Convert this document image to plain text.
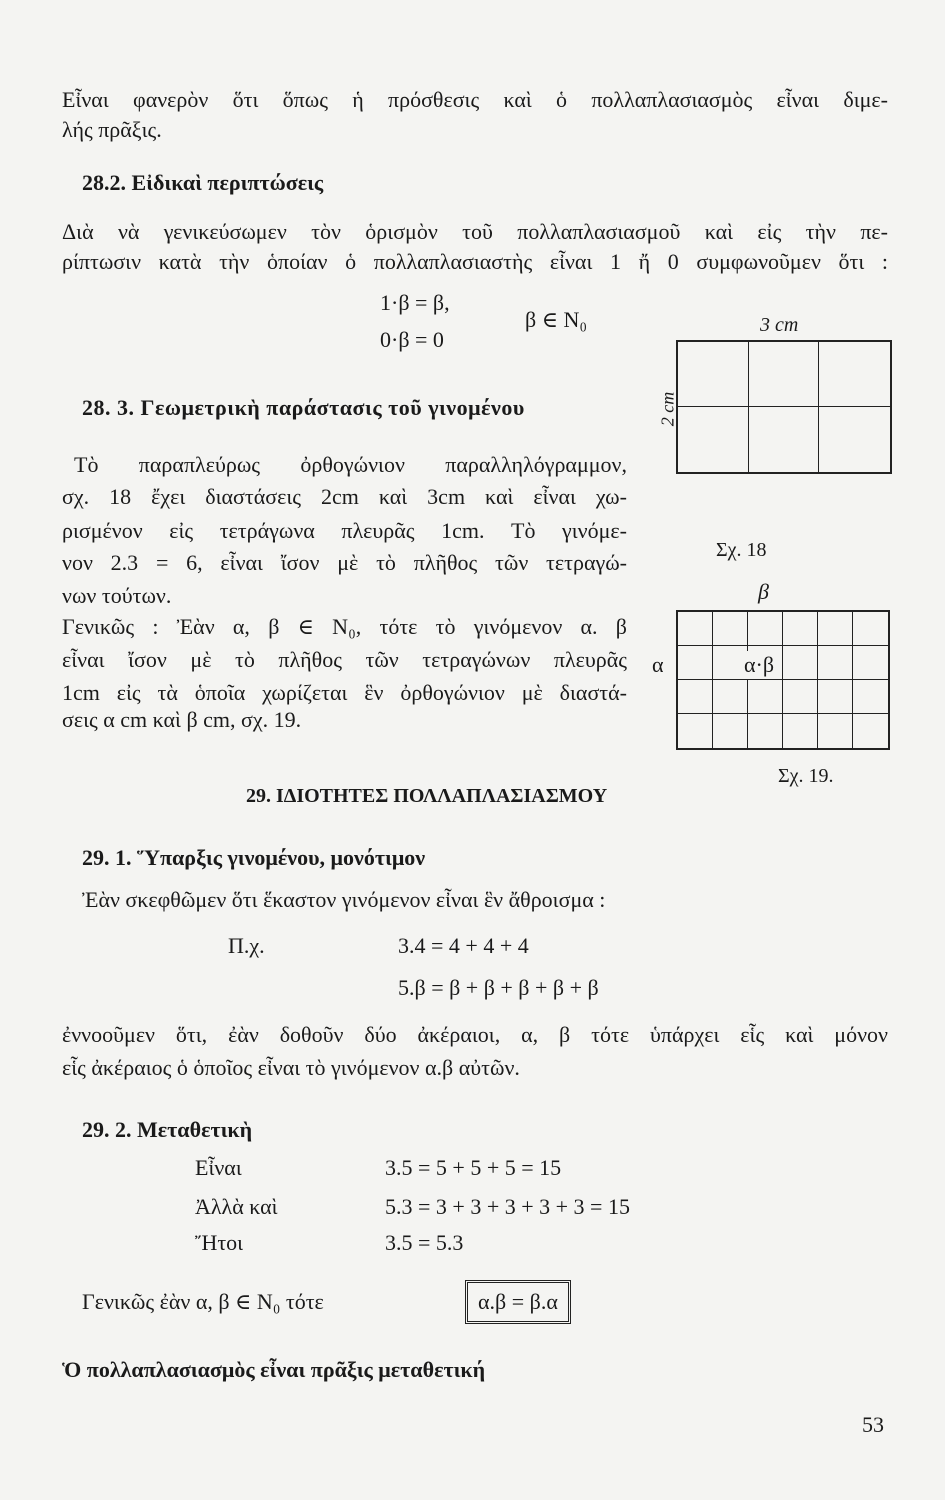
Εἶναι φανερὸν ὅτι ὅπως ἡ πρόσθεσις καὶ ὁ πολλαπλασιασμὸς εἶναι διμε-
λής πρᾶξις.
28.2. Εἰδικαὶ περιπτώσεις
Διὰ νὰ γενικεύσωμεν τὸν ὁρισμὸν τοῦ πολλαπλασιασμοῦ καὶ εἰς τὴν πε-
ρίπτωσιν κατὰ τὴν ὁποίαν ὁ πολλαπλασιαστὴς εἶναι 1 ἤ 0 συμφωνοῦμεν ὅτι :
1·β = β,
0·β = 0
β ∈ N₀	3 cm
2 cm
Σχ. 18
28. 3. Γεωμετρικὴ παράστασις τοῦ γινομένου
Τὸ παραπλεύρως ὀρθογώνιον παραλληλόγραμμον,
σχ. 18 ἔχει διαστάσεις 2cm καὶ 3cm καὶ εἶναι χω-
ρισμένον εἰς τετράγωνα πλευρᾶς 1cm. Τὸ γινόμε-
νον 2.3 = 6, εἶναι ἴσον μὲ τὸ πλῆθος τῶν τετραγώ-
νων τούτων.
Γενικῶς : Ἐὰν α, β ∈ N₀, τότε τὸ γινόμενον α. β
εἶναι ἴσον μὲ τὸ πλῆθος τῶν τετραγώνων πλευρᾶς
1cm εἰς τὰ ὁποῖα χωρίζεται ἓν ὀρθογώνιον μὲ διαστά-
σεις α cm καὶ β cm, σχ. 19.
β
α	α·β
Σχ. 19.
29. ΙΔΙΟΤΗΤΕΣ ΠΟΛΛΑΠΛΑΣΙΑΣΜΟΥ
29. 1. Ὕπαρξις γινομένου, μονότιμον
Ἐὰν σκεφθῶμεν ὅτι ἕκαστον γινόμενον εἶναι ἓν ἄθροισμα :
Π.χ.	3.4 = 4 + 4 + 4
5.β = β + β + β + β + β
ἐννοοῦμεν ὅτι, ἐὰν δοθοῦν δύο ἀκέραιοι, α, β τότε ὑπάρχει εἷς καὶ μόνον
εἷς ἀκέραιος ὁ ὁποῖος εἶναι τὸ γινόμενον α.β αὐτῶν.
29. 2. Μεταθετικὴ
Εἶναι	3.5 = 5 + 5 + 5 = 15
Ἀλλὰ καὶ	5.3 = 3 + 3 + 3 + 3 + 3 = 15
Ἤτοι	3.5 = 5.3
Γενικῶς ἐὰν α, β ∈ N₀ τότε	α.β = β.α
Ὁ πολλαπλασιασμὸς εἶναι πρᾶξις μεταθετική
53
